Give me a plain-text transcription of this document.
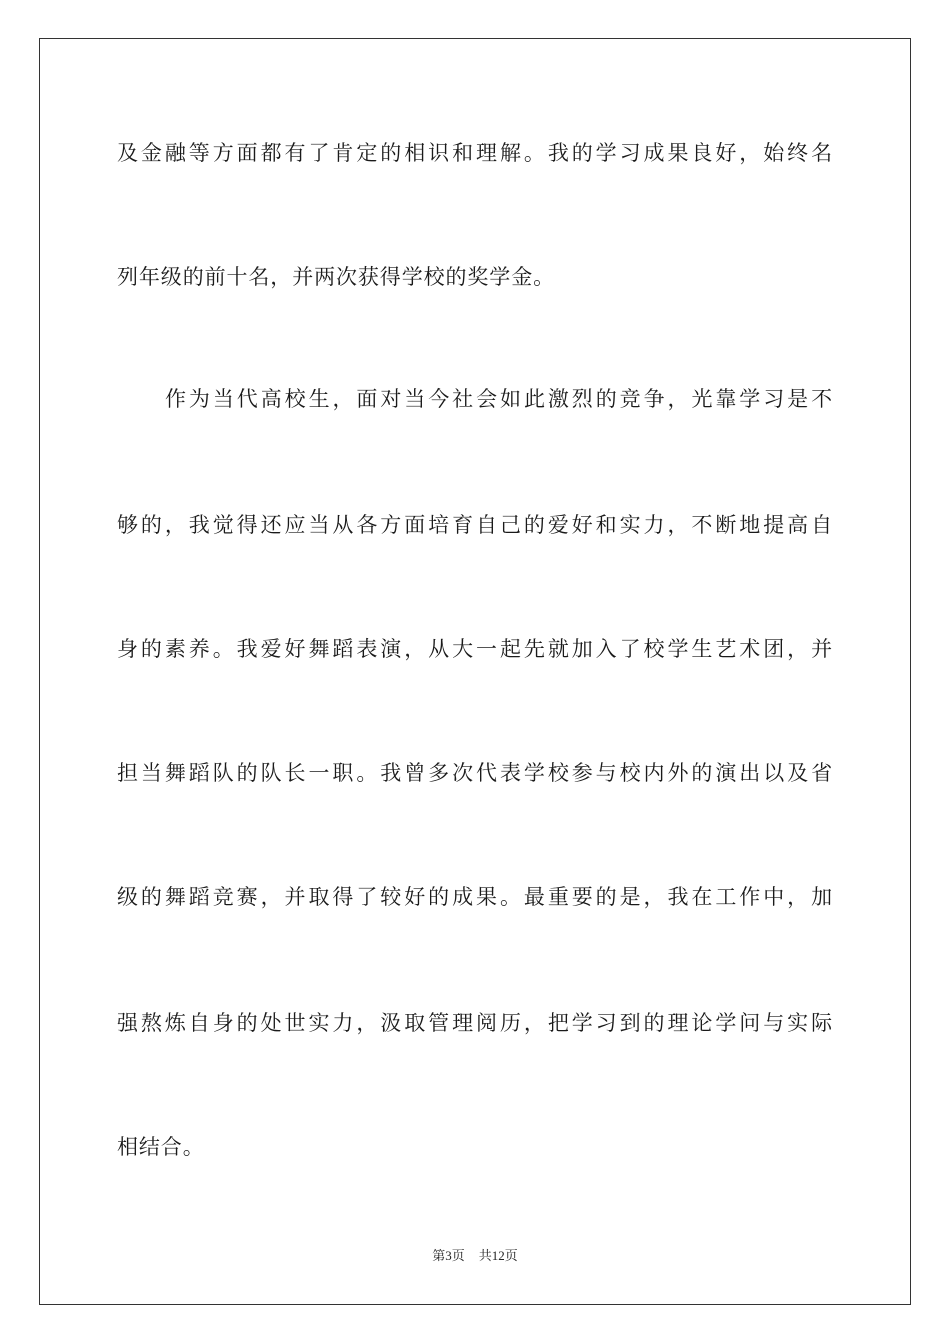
及金融等方面都有了肯定的相识和理解。我的学习成果良好，始终名
列年级的前十名，并两次获得学校的奖学金。
作为当代高校生，面对当今社会如此激烈的竞争，光靠学习是不
够的，我觉得还应当从各方面培育自己的爱好和实力，不断地提高自
身的素养。我爱好舞蹈表演，从大一起先就加入了校学生艺术团，并
担当舞蹈队的队长一职。我曾多次代表学校参与校内外的演出以及省
级的舞蹈竞赛，并取得了较好的成果。最重要的是，我在工作中，加
强熬炼自身的处世实力，汲取管理阅历，把学习到的理论学问与实际
相结合。
第3页 共12页
